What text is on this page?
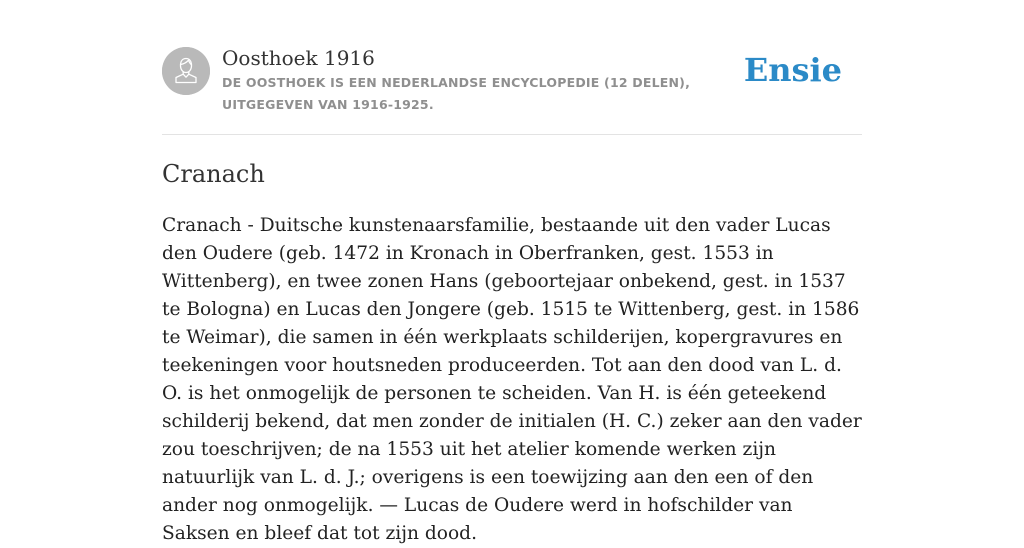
Oosthoek 1916

DE OOSTHOEK IS EEN NEDERLANDSE ENCYCLOPEDIE (12 DELEN), UITGEGEVEN VAN 1916-1925.

Ensie
Cranach

Cranach - Duitsche kunstenaarsfamilie, bestaande uit den vader Lucas den Oudere (geb. 1472 in Kronach in Oberfranken, gest. 1553 in Wittenberg), en twee zonen Hans (geboortejaar onbekend, gest. in 1537 te Bologna) en Lucas den Jongere (geb. 1515 te Wittenberg, gest. in 1586 te Weimar), die samen in één werkplaats schilderijen, kopergravures en teekeningen voor houtsneden produceerden. Tot aan den dood van L. d. O. is het onmogelijk de personen te scheiden. Van H. is één geteekend schilderij bekend, dat men zonder de initialen (H. C.) zeker aan den vader zou toeschrijven; de na 1553 uit het atelier komende werken zijn natuurlijk van L. d. J.; overigens is een toewijzing aan den een of den ander nog onmogelijk. — Lucas de Oudere werd in hofschilder van Saksen en bleef dat tot zijn dood.
